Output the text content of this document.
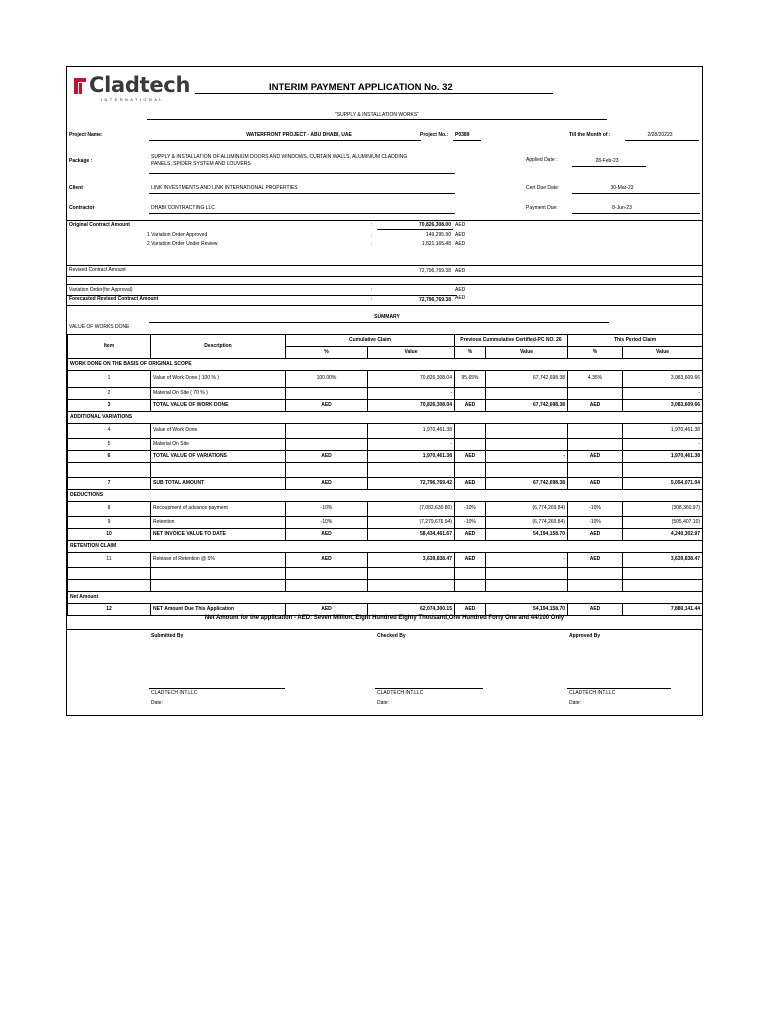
Cladtech
INTERNATIONAL
INTERIM PAYMENT APPLICATION No. 32
"SUPPLY & INSTALLATION WORKS"
Project Name:	WATERFRONT PROJECT - ABU DHABI, UAE	Project No.: P0389	Till the Month of :	2/28/20223
Package :
SUPPLY & INSTALLATION OF ALUMINIUM DOORS AND WINDOWS, CURTAIN WALLS, ALUMINIUM CLADDING
PANELS, SPIDER SYSTEM AND LOUVERS
Applied Date :	28-Feb-23
Client	LINK INVESTMENTS AND LINK INTERNATIONAL PROPERTIES	Cert Due Date:	30-Mar-23
Contractor	DHABI CONTRACTING LLC	Payment Due:	8-Jun-23
Original Contract Amount	:	70,826,308.00 AED
1 Variation Order Approved	:	149,295.90 AED
2 Variation Order Under Review	:	1,821,165.48 AED
Revised Contract Amount	72,796,769.38 AED
Variation Order(for Approval)	:	AED
Forecasted Revised Contract Amount	:	72,796,769.38 AED
SUMMARY
VALUE OF WORKS DONE
Item	Description	Cumulative Claim		Previous Cummulative Certified-PC NO. 26		This Period Claim	
		%	Value	%	Value	%	Value
WORK DONE ON THE BASIS OF ORIGINAL SCOPE							
1	Value of Work Done ( 100 % )	100.00%	70,826,308.04	95.65%	67,742,698.38	4.35%	3,083,609.66
2	Material On Site ( 70 % )		-				-
3	TOTAL VALUE OF WORK DONE	AED	70,826,308.04	AED	67,742,698.38	AED	3,083,609.66
ADDITIONAL VARIATIONS							
4	Value of Work Done		1,970,461.38				1,970,461.38
5	Material On Site		-				-
6	TOTAL VALUE OF VARIATIONS	AED	1,970,461.38	AED	-	AED	1,970,461.38

7	SUB TOTAL AMOUNT	AED	72,796,769.42	AED	67,742,698.38	AED	5,054,071.04
DEDUCTIONS							
8	Recoupment of advance payment	-10%	(7,082,630.80)	-10%	(6,774,269.84)	-10%	(308,360.97)
9	Retention	-10%	(7,279,676.94)	-10%	(6,774,269.84)	-10%	(505,407.10)
10	NET INVOICE VALUE TO DATE	AED	58,434,461.67	AED	54,194,158.70	AED	4,240,302.97
RETENTION CLAIM							
11	Release of Retention @ 5%	AED	3,639,838.47	AED	-	AED	3,639,838.47

Net Amount							
12	NET Amount Due This Application	AED	62,074,300.15	AED	54,194,158.70	AED	7,880,141.44
Net Amount for the application - AED: Seven Million, Eight Hundred Eighty Thousand,One Hundred Forty One and 44/100 Only
Submitted By	Checked By	Approved By
CLADTECH INT.LLC	CLADTECH INT.LLC	CLADTECH INT.LLC
Date:	Date:	Date:
